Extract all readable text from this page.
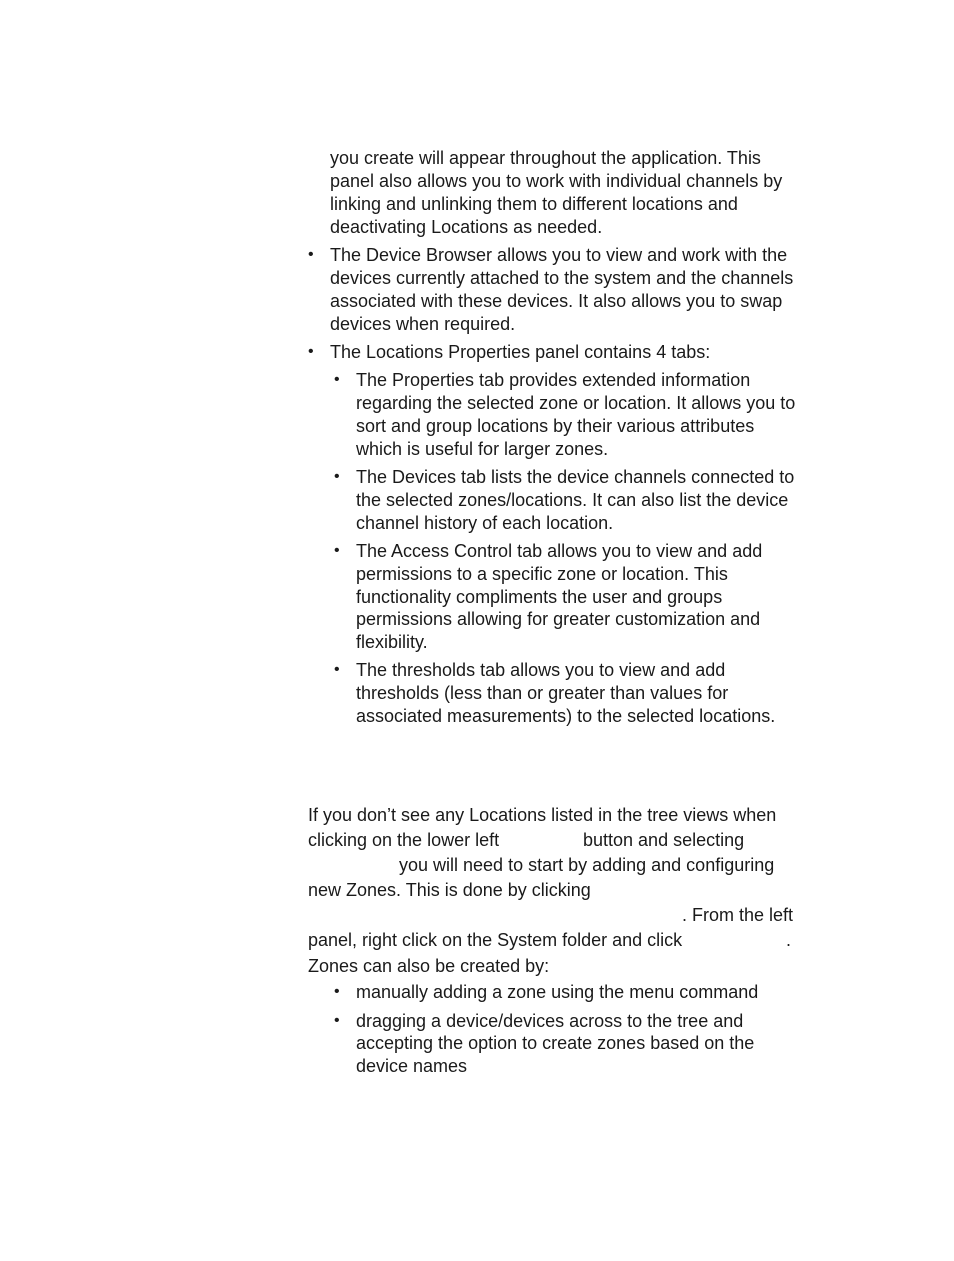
you create will appear throughout the application. This
panel also allows you to work with individual channels by
linking and unlinking them to different locations and
deactivating Locations as needed.
• The Device Browser allows you to view and work with the
devices currently attached to the system and the channels
associated with these devices. It also allows you to swap
devices when required.
• The Locations Properties panel contains 4 tabs:
• The Properties tab provides extended information
regarding the selected zone or location. It allows you to
sort and group locations by their various attributes
which is useful for larger zones.
• The Devices tab lists the device channels connected to
the selected zones/locations. It can also list the device
channel history of each location.
• The Access Control tab allows you to view and add
permissions to a specific zone or location. This
functionality compliments the user and groups
permissions allowing for greater customization and
flexibility.
• The thresholds tab allows you to view and add
thresholds (less than or greater than values for
associated measurements) to the selected locations.
If you don’t see any Locations listed in the tree views when
clicking on the lower left	button and selecting
you will need to start by adding and configuring
new Zones. This is done by clicking
. From the left
panel, right click on the System folder and click	.
Zones can also be created by:
• manually adding a zone using the menu command
• dragging a device/devices across to the tree and
accepting the option to create zones based on the
device names
